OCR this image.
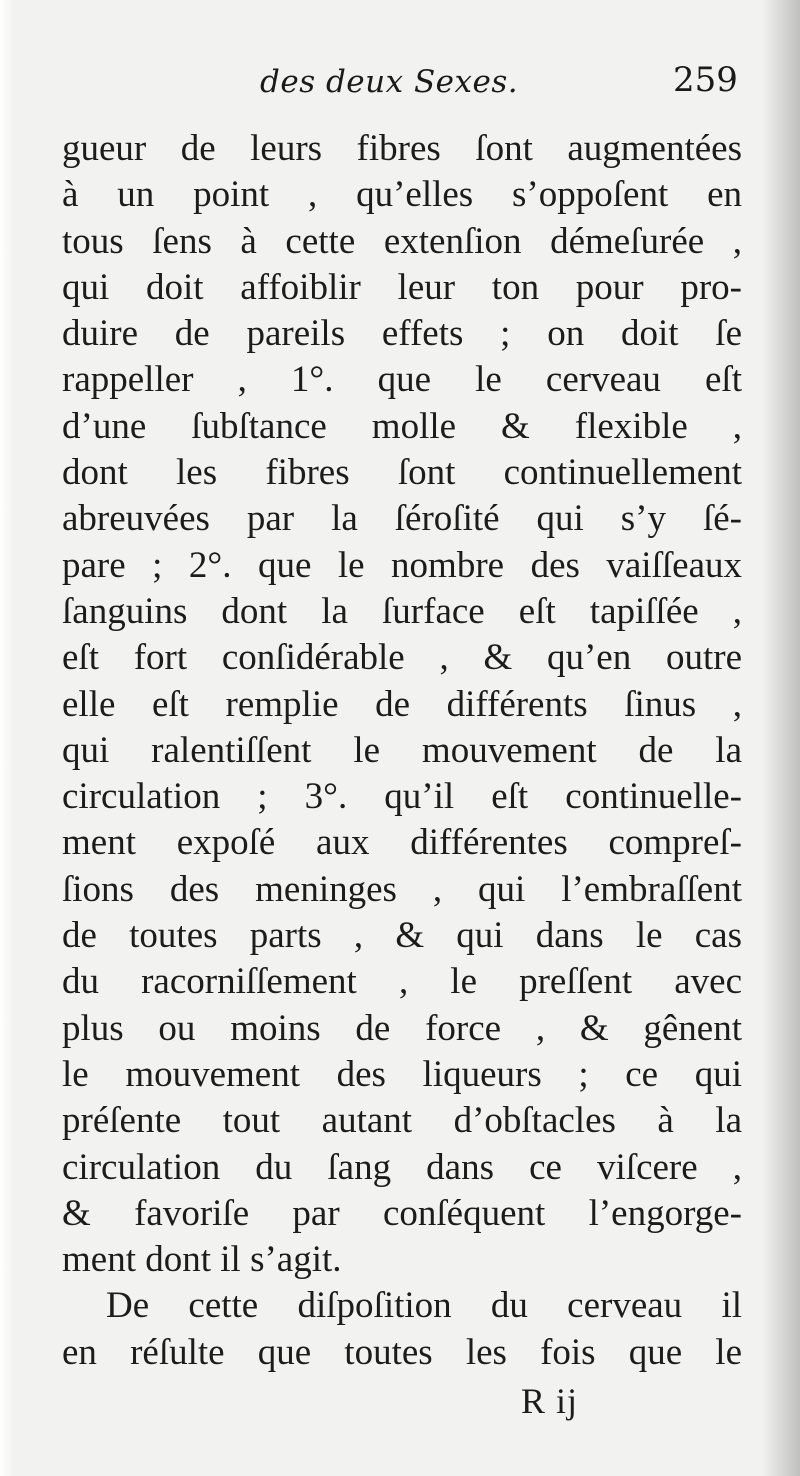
des deux Sexes.	259
gueur de leurs fibres ſont augmentées
à un point , qu’elles s’oppoſent en
tous ſens à cette extenſion démeſurée ,
qui doit affoiblir leur ton pour pro-
duire de pareils effets ; on doit ſe
rappeller , 1°. que le cerveau eſt
d’une ſubſtance molle & flexible ,
dont les fibres ſont continuellement
abreuvées par la ſéroſité qui s’y ſé-
pare ; 2°. que le nombre des vaiſſeaux
ſanguins dont la ſurface eſt tapiſſée ,
eſt fort conſidérable , & qu’en outre
elle eſt remplie de différents ſinus ,
qui ralentiſſent le mouvement de la
circulation ; 3°. qu’il eſt continuelle-
ment expoſé aux différentes compreſ-
ſions des meninges , qui l’embraſſent
de toutes parts , & qui dans le cas
du racorniſſement , le preſſent avec
plus ou moins de force , & gênent
le mouvement des liqueurs ; ce qui
préſente tout autant d’obſtacles à la
circulation du ſang dans ce viſcere ,
& favoriſe par conſéquent l’engorge-
ment dont il s’agit.
De cette diſpoſition du cerveau il
en réſulte que toutes les fois que le
R ij
